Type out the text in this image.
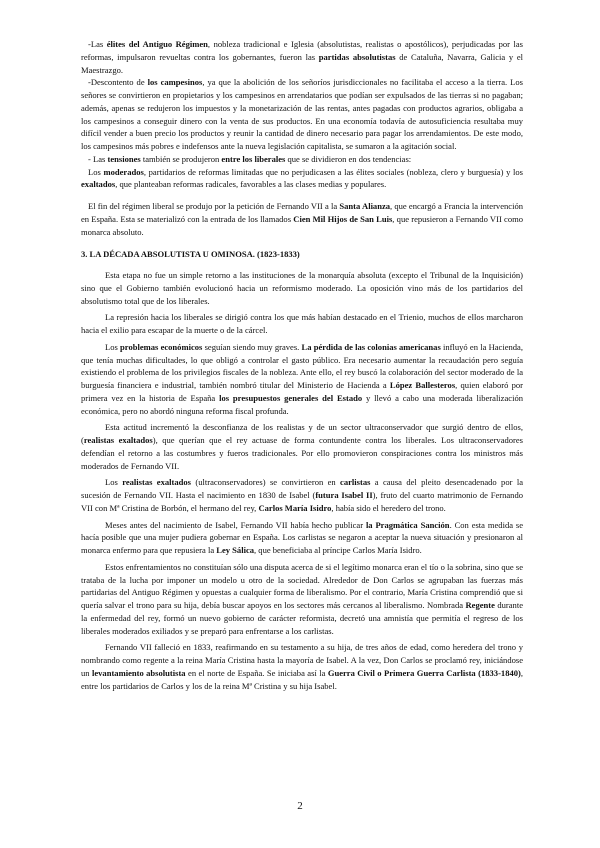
-Las élites del Antiguo Régimen, nobleza tradicional e Iglesia (absolutistas, realistas o apostólicos), perjudicadas por las reformas, impulsaron revueltas contra los gobernantes, fueron las partidas absolutistas de Cataluña, Navarra, Galicia y el Maestrazgo.

-Descontento de los campesinos, ya que la abolición de los señoríos jurisdiccionales no facilitaba el acceso a la tierra. Los señores se convirtieron en propietarios y los campesinos en arrendatarios que podían ser expulsados de las tierras si no pagaban; además, apenas se redujeron los impuestos y la monetarización de las rentas, antes pagadas con productos agrarios, obligaba a los campesinos a conseguir dinero con la venta de sus productos. En una economía todavía de autosuficiencia resultaba muy difícil vender a buen precio los productos y reunir la cantidad de dinero necesario para pagar los arrendamientos. De este modo, los campesinos más pobres e indefensos ante la nueva legislación capitalista, se sumaron a la agitación social.

- Las tensiones también se produjeron entre los liberales que se dividieron en dos tendencias:

Los moderados, partidarios de reformas limitadas que no perjudicasen a las élites sociales (nobleza, clero y burguesía) y los exaltados, que planteaban reformas radicales, favorables a las clases medias y populares.

El fin del régimen liberal se produjo por la petición de Fernando VII a la Santa Alianza, que encargó a Francia la intervención en España. Esta se materializó con la entrada de los llamados Cien Mil Hijos de San Luis, que repusieron a Fernando VII como monarca absoluto.

3. LA DÉCADA ABSOLUTISTA U OMINOSA. (1823-1833)

Esta etapa no fue un simple retorno a las instituciones de la monarquía absoluta (excepto el Tribunal de la Inquisición) sino que el Gobierno también evolucionó hacia un reformismo moderado. La oposición vino más de los partidarios del absolutismo total que de los liberales.

La represión hacia los liberales se dirigió contra los que más habían destacado en el Trienio, muchos de ellos marcharon hacia el exilio para escapar de la muerte o de la cárcel.

Los problemas económicos seguían siendo muy graves. La pérdida de las colonias americanas influyó en la Hacienda, que tenía muchas dificultades, lo que obligó a controlar el gasto público. Era necesario aumentar la recaudación pero seguía existiendo el problema de los privilegios fiscales de la nobleza. Ante ello, el rey buscó la colaboración del sector moderado de la burguesía financiera e industrial, también nombró titular del Ministerio de Hacienda a López Ballesteros, quien elaboró por primera vez en la historia de España los presupuestos generales del Estado y llevó a cabo una moderada liberalización económica, pero no abordó ninguna reforma fiscal profunda.

Esta actitud incrementó la desconfianza de los realistas y de un sector ultraconservador que surgió dentro de ellos, (realistas exaltados), que querían que el rey actuase de forma contundente contra los liberales. Los ultraconservadores defendían el retorno a las costumbres y fueros tradicionales. Por ello promovieron conspiraciones contra los ministros más moderados de Fernando VII.

Los realistas exaltados (ultraconservadores) se convirtieron en carlistas a causa del pleito desencadenado por la sucesión de Fernando VII. Hasta el nacimiento en 1830 de Isabel (futura Isabel II), fruto del cuarto matrimonio de Fernando VII con Mª Cristina de Borbón, el hermano del rey, Carlos María Isidro, había sido el heredero del trono.

Meses antes del nacimiento de Isabel, Fernando VII había hecho publicar la Pragmática Sanción. Con esta medida se hacía posible que una mujer pudiera gobernar en España. Los carlistas se negaron a aceptar la nueva situación y presionaron al monarca enfermo para que repusiera la Ley Sálica, que beneficiaba al príncipe Carlos María Isidro.

Estos enfrentamientos no constituían sólo una disputa acerca de si el legítimo monarca eran el tío o la sobrina, sino que se trataba de la lucha por imponer un modelo u otro de la sociedad. Alrededor de Don Carlos se agrupaban las fuerzas más partidarias del Antiguo Régimen y opuestas a cualquier forma de liberalismo. Por el contrario, María Cristina comprendió que si quería salvar el trono para su hija, debía buscar apoyos en los sectores más cercanos al liberalismo. Nombrada Regente durante la enfermedad del rey, formó un nuevo gobierno de carácter reformista, decretó una amnistía que permitía el regreso de los liberales moderados exiliados y se preparó para enfrentarse a los carlistas.

Fernando VII falleció en 1833, reafirmando en su testamento a su hija, de tres años de edad, como heredera del trono y nombrando como regente a la reina María Cristina hasta la mayoría de Isabel. A la vez, Don Carlos se proclamó rey, iniciándose un levantamiento absolutista en el norte de España. Se iniciaba así la Guerra Civil o Primera Guerra Carlista (1833-1840), entre los partidarios de Carlos y los de la reina Mª Cristina y su hija Isabel.

2
